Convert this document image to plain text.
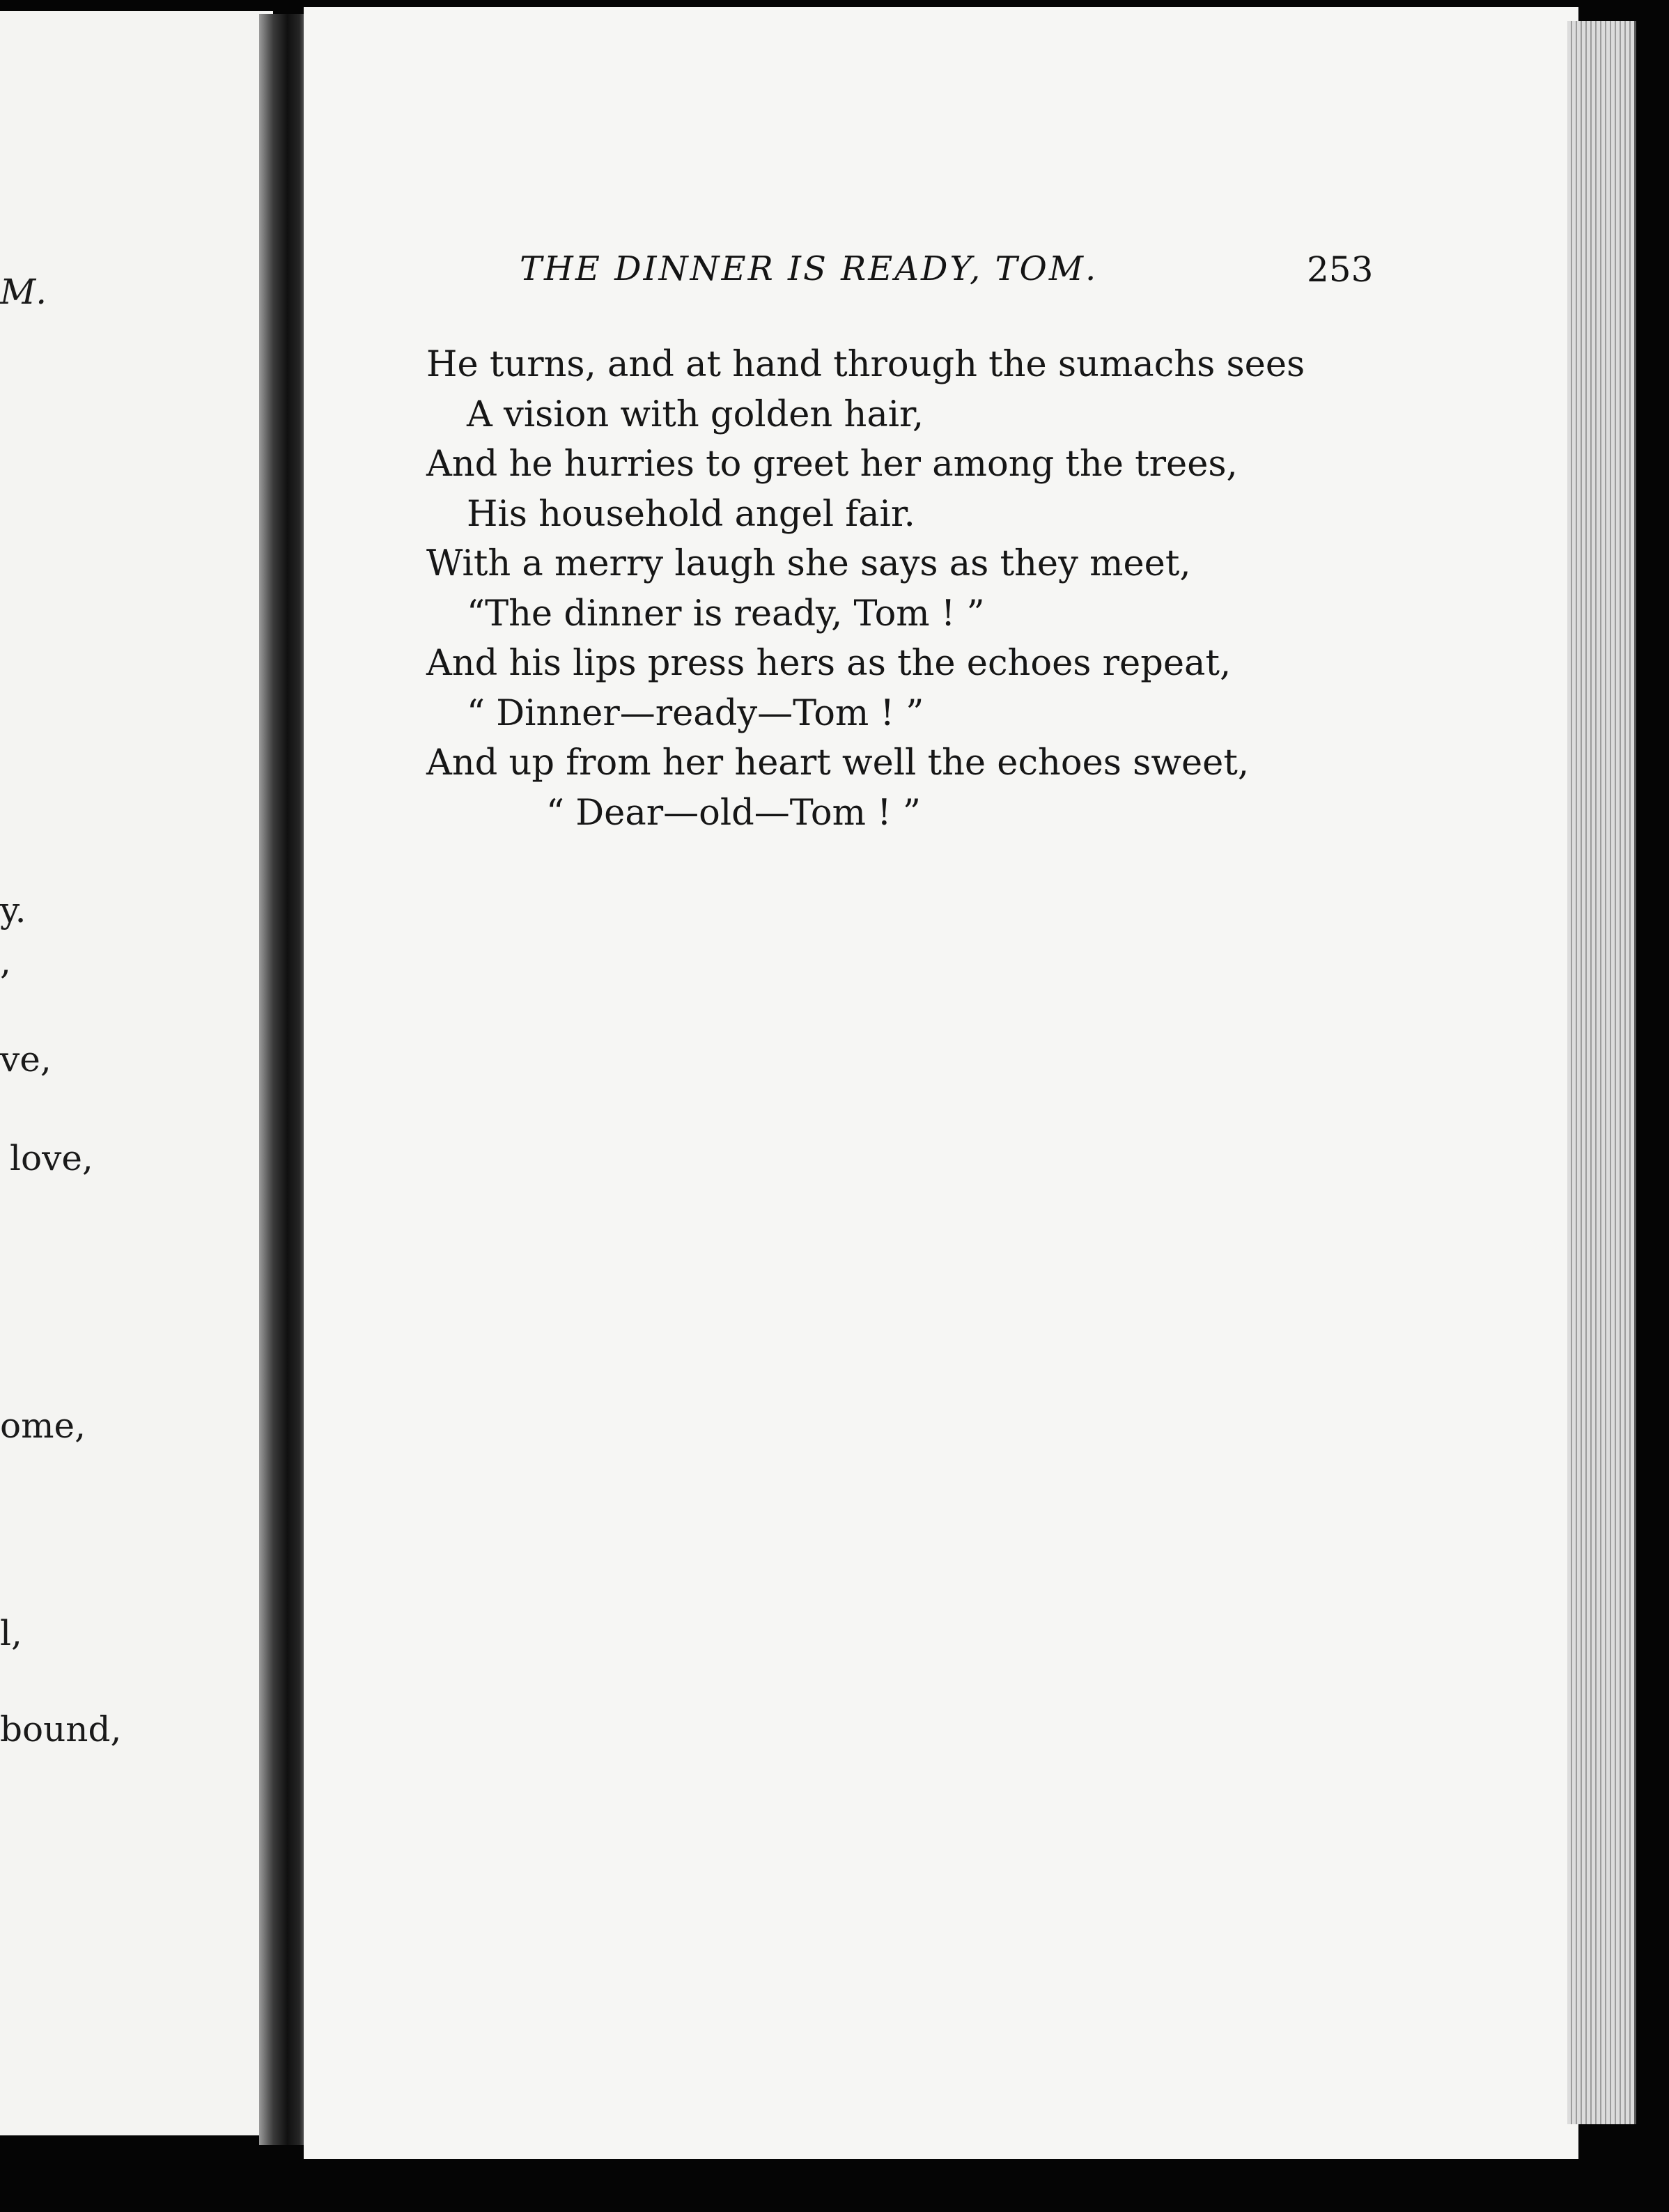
M.
y.
,
ve,
love,
ome,
l,
bound,
THE DINNER IS READY, TOM.	253
He turns, and at hand through the sumachs sees
A vision with golden hair,
And he hurries to greet her among the trees,
His household angel fair.
With a merry laugh she says as they meet,
“The dinner is ready, Tom ! ”
And his lips press hers as the echoes repeat,
“ Dinner—ready—Tom ! ”
And up from her heart well the echoes sweet,
“ Dear—old—Tom ! ”
